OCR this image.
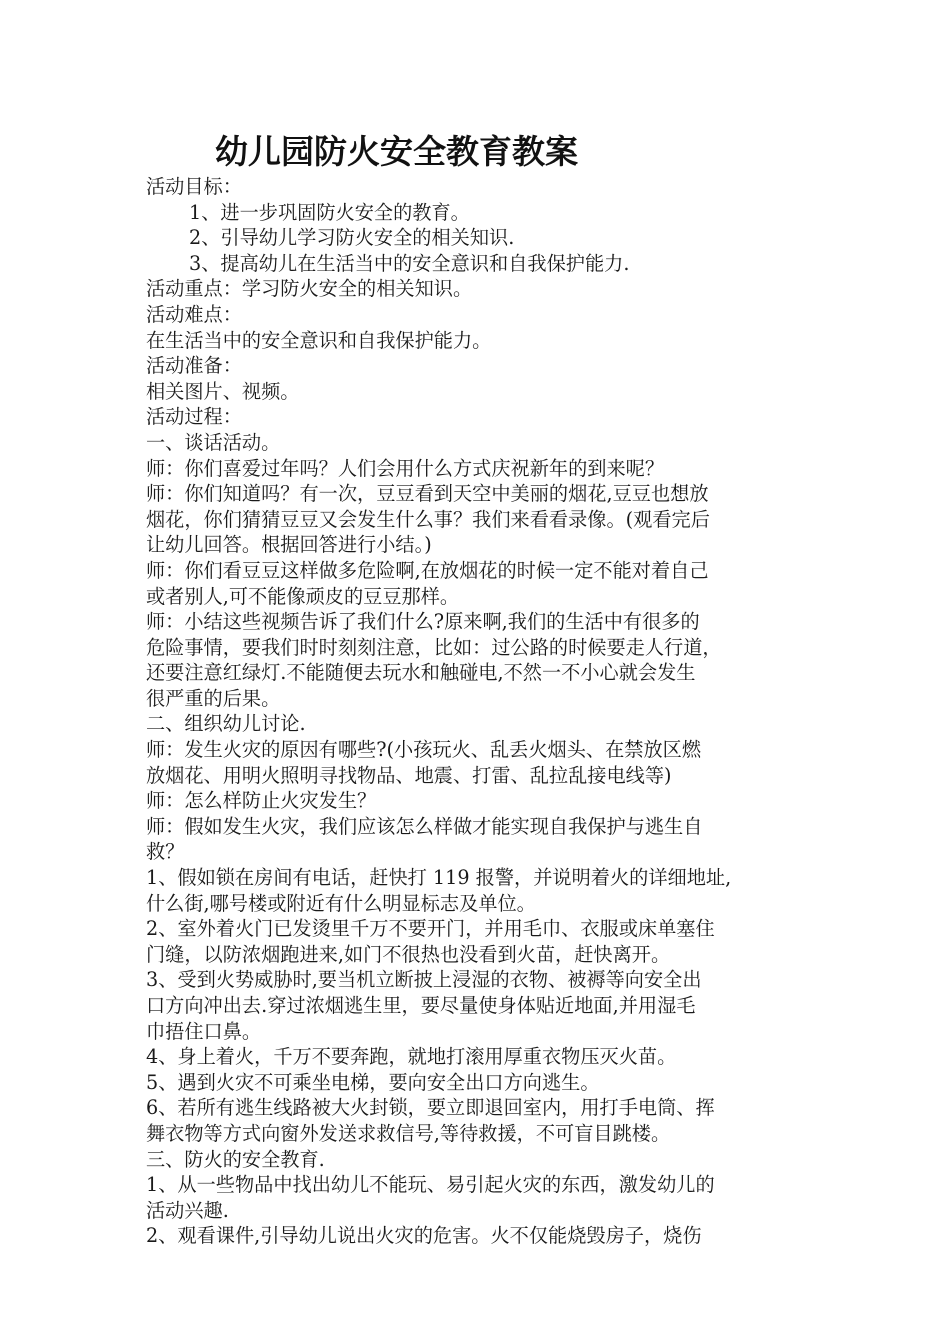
幼儿园防火安全教育教案
活动目标：
1、进一步巩固防火安全的教育。
2、引导幼儿学习防火安全的相关知识.
3、提高幼儿在生活当中的安全意识和自我保护能力.
活动重点：学习防火安全的相关知识。
活动难点：
在生活当中的安全意识和自我保护能力。
活动准备：
相关图片、视频。
活动过程：
一、谈话活动。
师：你们喜爱过年吗？人们会用什么方式庆祝新年的到来呢？
师：你们知道吗？有一次，豆豆看到天空中美丽的烟花,豆豆也想放
烟花，你们猜猜豆豆又会发生什么事？我们来看看录像。(观看完后
让幼儿回答。根据回答进行小结。)
师：你们看豆豆这样做多危险啊,在放烟花的时候一定不能对着自己
或者别人,可不能像顽皮的豆豆那样。
师：小结这些视频告诉了我们什么?原来啊,我们的生活中有很多的
危险事情，要我们时时刻刻注意，比如：过公路的时候要走人行道，
还要注意红绿灯.不能随便去玩水和触碰电,不然一不小心就会发生
很严重的后果。
二、组织幼儿讨论.
师：发生火灾的原因有哪些?(小孩玩火、乱丢火烟头、在禁放区燃
放烟花、用明火照明寻找物品、地震、打雷、乱拉乱接电线等)
师：怎么样防止火灾发生？
师：假如发生火灾，我们应该怎么样做才能实现自我保护与逃生自
救？
1、假如锁在房间有电话，赶快打 119 报警，并说明着火的详细地址,
什么街,哪号楼或附近有什么明显标志及单位。
2、室外着火门已发烫里千万不要开门，并用毛巾、衣服或床单塞住
门缝，以防浓烟跑进来,如门不很热也没看到火苗，赶快离开。
3、受到火势威胁时,要当机立断披上浸湿的衣物、被褥等向安全出
口方向冲出去.穿过浓烟逃生里，要尽量使身体贴近地面,并用湿毛
巾捂住口鼻。
4、身上着火，千万不要奔跑，就地打滚用厚重衣物压灭火苗。
5、遇到火灾不可乘坐电梯，要向安全出口方向逃生。
6、若所有逃生线路被大火封锁，要立即退回室内，用打手电筒、挥
舞衣物等方式向窗外发送求救信号,等待救援，不可盲目跳楼。
三、防火的安全教育.
1、从一些物品中找出幼儿不能玩、易引起火灾的东西，激发幼儿的
活动兴趣.
2、观看课件,引导幼儿说出火灾的危害。火不仅能烧毁房子，烧伤
